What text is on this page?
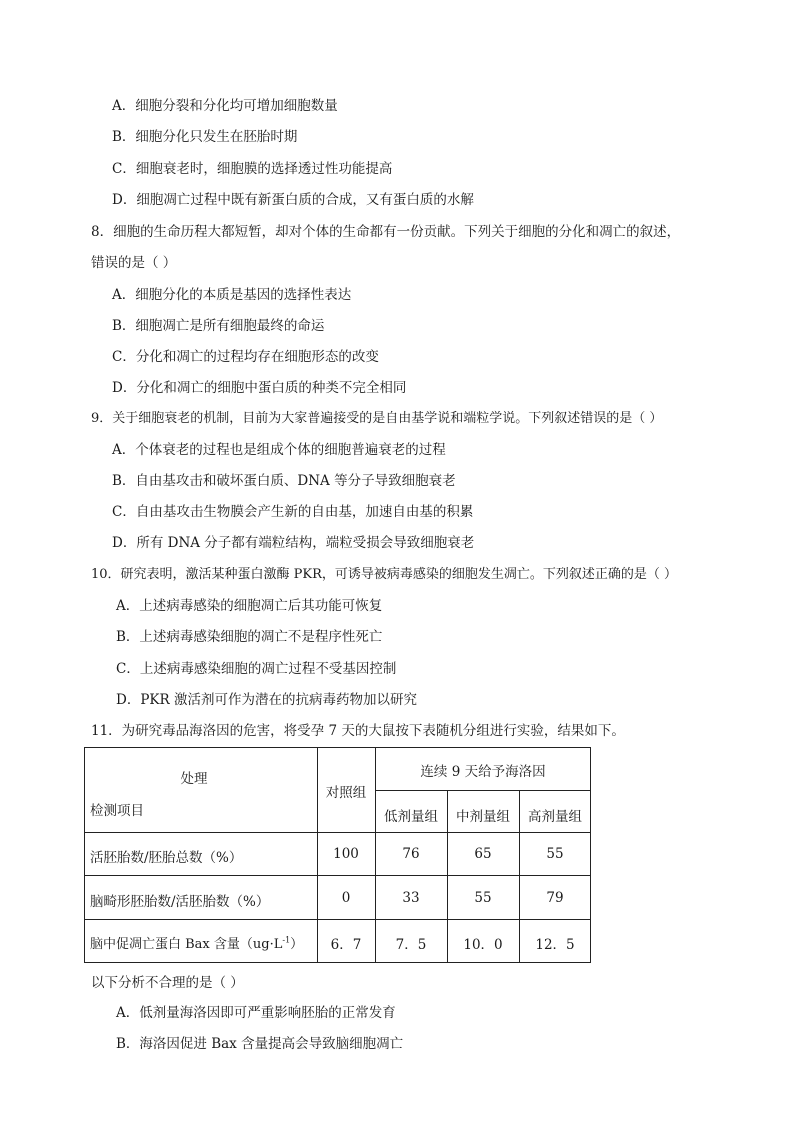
A．细胞分裂和分化均可增加细胞数量
B．细胞分化只发生在胚胎时期
C．细胞衰老时，细胞膜的选择透过性功能提高
D．细胞凋亡过程中既有新蛋白质的合成，又有蛋白质的水解
8．细胞的生命历程大都短暂，却对个体的生命都有一份贡献。下列关于细胞的分化和凋亡的叙述，
错误的是（ ）
A．细胞分化的本质是基因的选择性表达
B．细胞凋亡是所有细胞最终的命运
C．分化和凋亡的过程均存在细胞形态的改变
D．分化和凋亡的细胞中蛋白质的种类不完全相同
9．关于细胞衰老的机制，目前为大家普遍接受的是自由基学说和端粒学说。下列叙述错误的是（ ）
A．个体衰老的过程也是组成个体的细胞普遍衰老的过程
B．自由基攻击和破坏蛋白质、DNA 等分子导致细胞衰老
C．自由基攻击生物膜会产生新的自由基，加速自由基的积累
D．所有 DNA 分子都有端粒结构，端粒受损会导致细胞衰老
10．研究表明，激活某种蛋白激酶 PKR，可诱导被病毒感染的细胞发生凋亡。下列叙述正确的是（ ）
A．上述病毒感染的细胞凋亡后其功能可恢复
B．上述病毒感染细胞的凋亡不是程序性死亡
C．上述病毒感染细胞的凋亡过程不受基因控制
D．PKR 激活剂可作为潜在的抗病毒药物加以研究
11．为研究毒品海洛因的危害，将受孕 7 天的大鼠按下表随机分组进行实验，结果如下。
处理
检测项目
对照组
连续 9 天给予海洛因
低剂量组	中剂量组	高剂量组
活胚胎数/胚胎总数（%）	100	76	65	55
脑畸形胚胎数/活胚胎数（%）	0	33	55	79
脑中促凋亡蛋白 Bax 含量$(ug\cdot L^{-1})$	6．7	7．5	10．0	12．5
以下分析不合理的是（ ）
A．低剂量海洛因即可严重影响胚胎的正常发育
B．海洛因促进 Bax 含量提高会导致脑细胞凋亡
